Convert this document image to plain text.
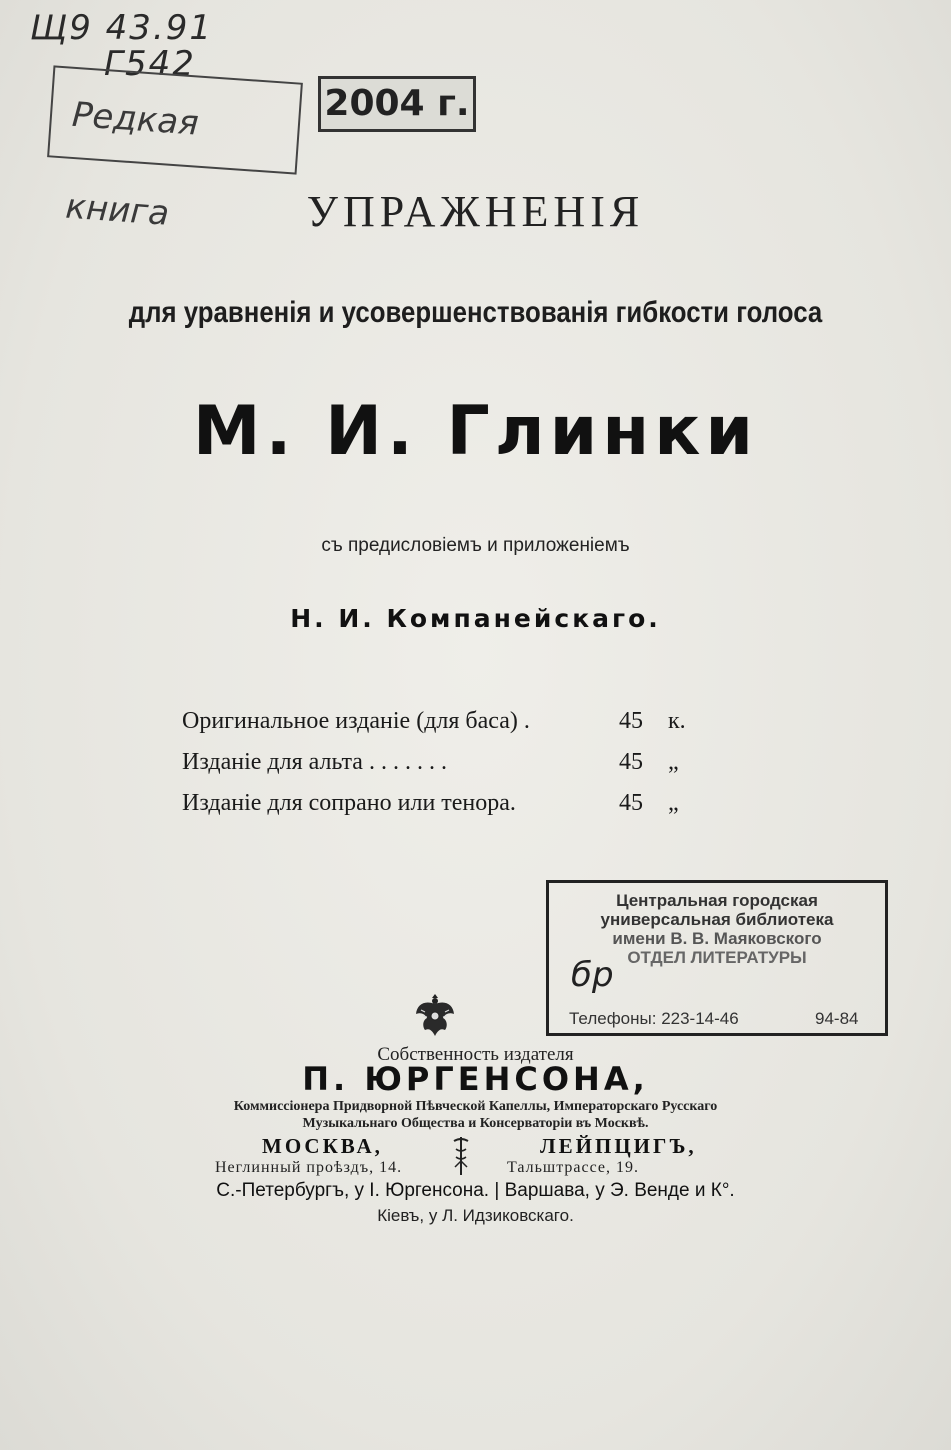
Щ9 43.91
Г542
Редкая книга
2004 г.
УПРАЖНЕНІЯ
для уравненія и усовершенствованія гибкости голоса
М. И. Глинки
съ предисловіемъ и приложеніемъ
Н. И. Компанейскаго.
Оригинальное изданіе (для баса) .	45 к.
Изданіе для альта . . . . . . .	45 „
Изданіе для сопрано или тенора.	45 „
Центральная городская
универсальная библиотека
имени В. В. Маяковского
ОТДЕЛ ЛИТЕРАТУРЫ
бр
Телефоны: 223-14-46	94-84
Собственность издателя
П. ЮРГЕНСОНА,
Коммиссіонера Придворной Пѣвческой Капеллы, Императорскаго Русскаго
Музыкальнаго Общества и Консерваторіи въ Москвѣ.
МОСКВА,	ЛЕЙПЦИГЪ,
Неглинный проѣздъ, 14.	Тальштрассе, 19.
С.-Петербургъ, у І. Юргенсона. | Варшава, у Э. Венде и К°.
Кіевъ, у Л. Идзиковскаго.
